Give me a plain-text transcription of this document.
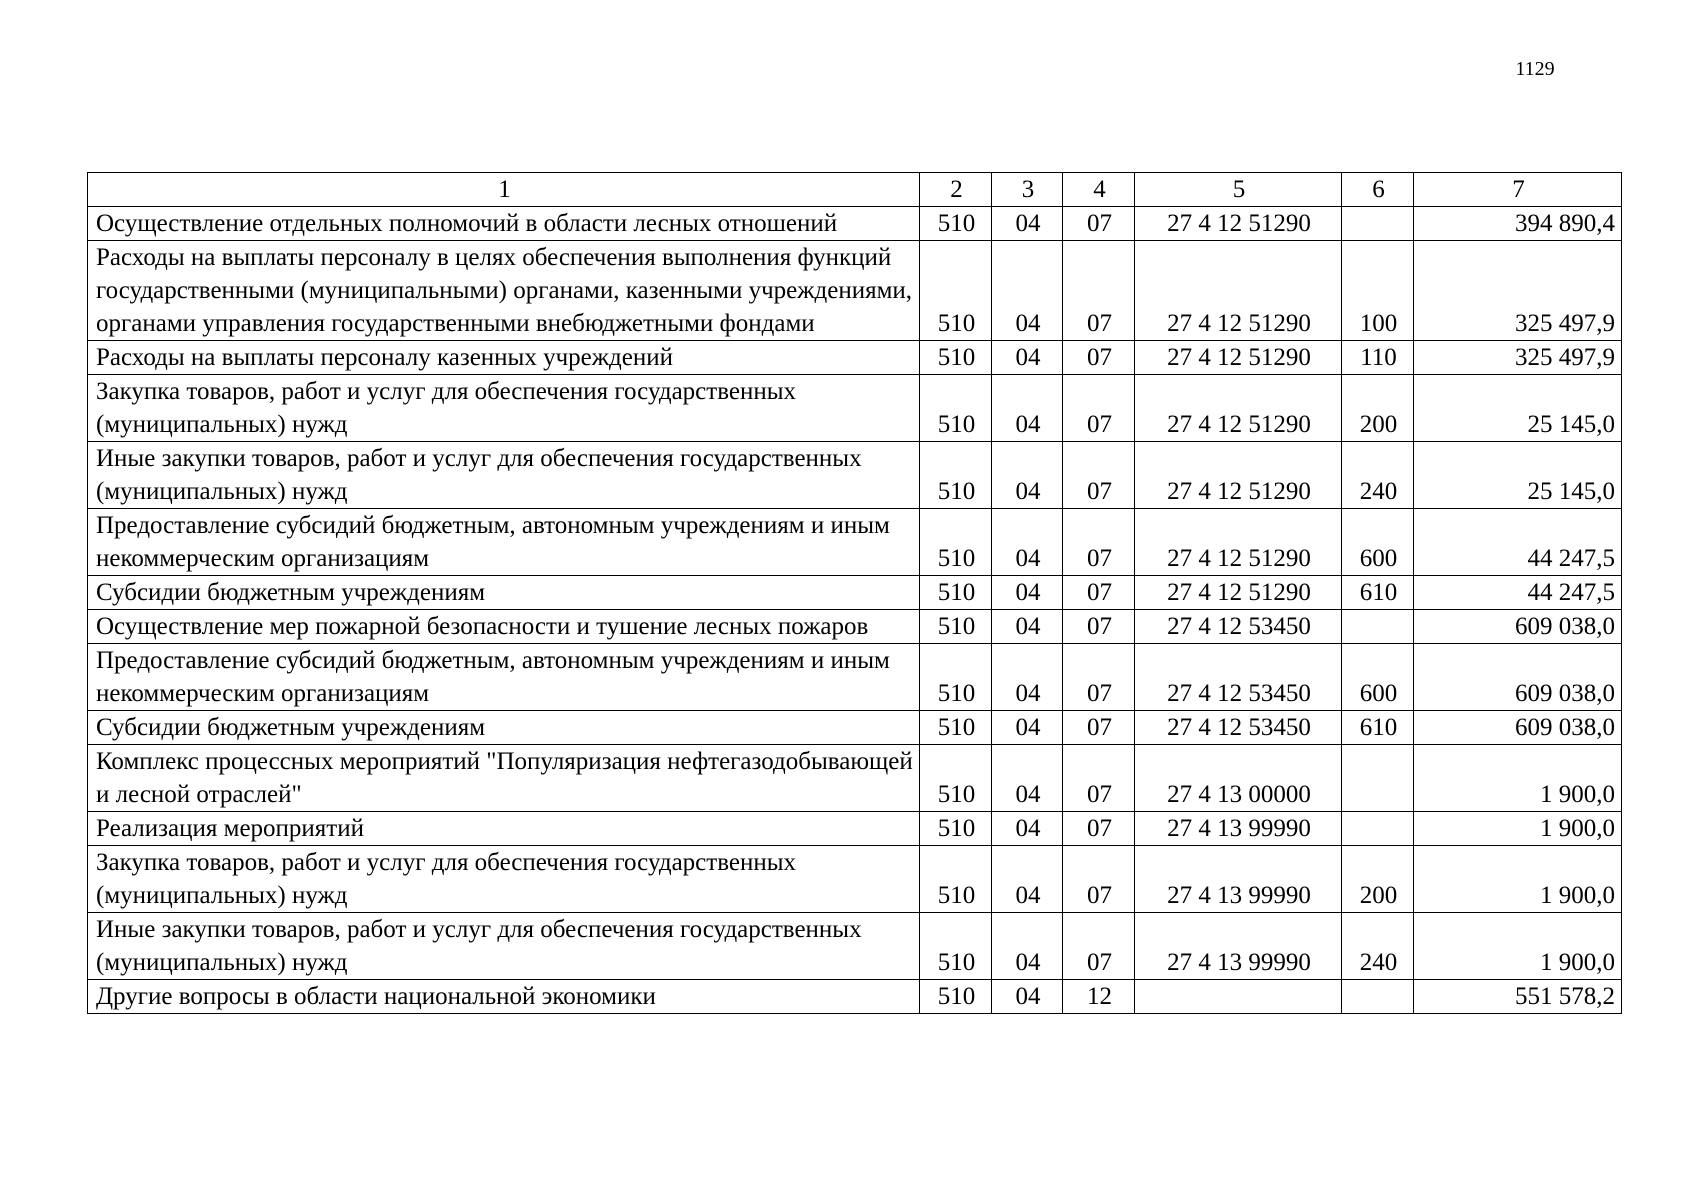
1129
1	2	3	4	5	6	7
Осуществление отдельных полномочий в области лесных отношений	510	04	07	27 4 12 51290		394 890,4
Расходы на выплаты персоналу в целях обеспечения выполнения функций государственными (муниципальными) органами, казенными учреждениями, органами управления государственными внебюджетными фондами	510	04	07	27 4 12 51290	100	325 497,9
Расходы на выплаты персоналу казенных учреждений	510	04	07	27 4 12 51290	110	325 497,9
Закупка товаров, работ и услуг для обеспечения государственных (муниципальных) нужд	510	04	07	27 4 12 51290	200	25 145,0
Иные закупки товаров, работ и услуг для обеспечения государственных (муниципальных) нужд	510	04	07	27 4 12 51290	240	25 145,0
Предоставление субсидий бюджетным, автономным учреждениям и иным некоммерческим организациям	510	04	07	27 4 12 51290	600	44 247,5
Субсидии бюджетным учреждениям	510	04	07	27 4 12 51290	610	44 247,5
Осуществление мер пожарной безопасности и тушение лесных пожаров	510	04	07	27 4 12 53450		609 038,0
Предоставление субсидий бюджетным, автономным учреждениям и иным некоммерческим организациям	510	04	07	27 4 12 53450	600	609 038,0
Субсидии бюджетным учреждениям	510	04	07	27 4 12 53450	610	609 038,0
Комплекс процессных мероприятий "Популяризация нефтегазодобывающей и лесной отраслей"	510	04	07	27 4 13 00000		1 900,0
Реализация мероприятий	510	04	07	27 4 13 99990		1 900,0
Закупка товаров, работ и услуг для обеспечения государственных (муниципальных) нужд	510	04	07	27 4 13 99990	200	1 900,0
Иные закупки товаров, работ и услуг для обеспечения государственных (муниципальных) нужд	510	04	07	27 4 13 99990	240	1 900,0
Другие вопросы в области национальной экономики	510	04	12			551 578,2
